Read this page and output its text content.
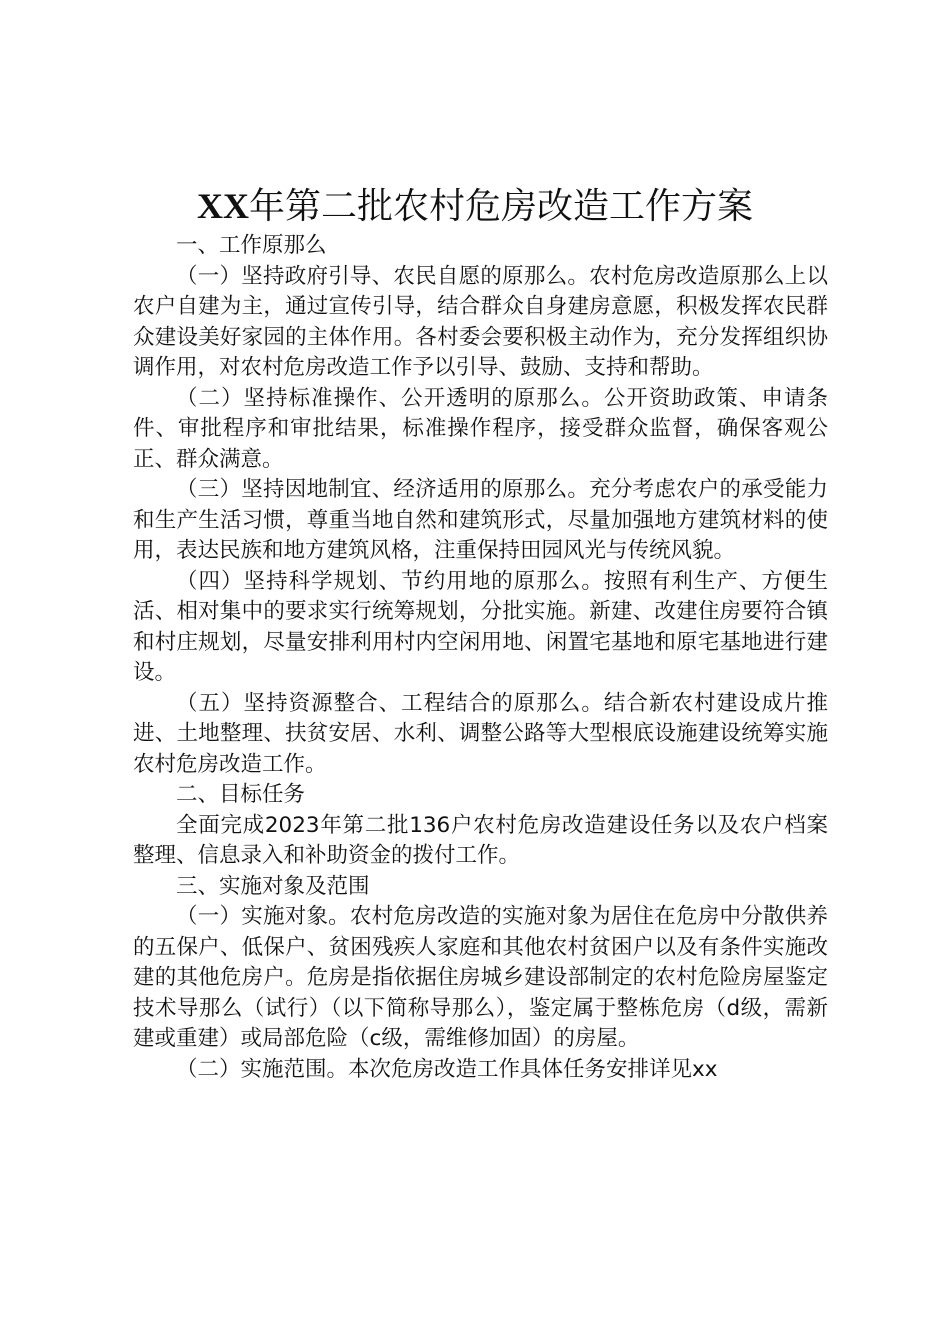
XX年第二批农村危房改造工作方案

一、工作原那么

（一）坚持政府引导、农民自愿的原那么。农村危房改造原那么上以农户自建为主，通过宣传引导，结合群众自身建房意愿，积极发挥农民群众建设美好家园的主体作用。各村委会要积极主动作为，充分发挥组织协调作用，对农村危房改造工作予以引导、鼓励、支持和帮助。

（二）坚持标准操作、公开透明的原那么。公开资助政策、申请条件、审批程序和审批结果，标准操作程序，接受群众监督，确保客观公正、群众满意。

（三）坚持因地制宜、经济适用的原那么。充分考虑农户的承受能力和生产生活习惯，尊重当地自然和建筑形式，尽量加强地方建筑材料的使用，表达民族和地方建筑风格，注重保持田园风光与传统风貌。

（四）坚持科学规划、节约用地的原那么。按照有利生产、方便生活、相对集中的要求实行统筹规划，分批实施。新建、改建住房要符合镇和村庄规划，尽量安排利用村内空闲用地、闲置宅基地和原宅基地进行建设。

（五）坚持资源整合、工程结合的原那么。结合新农村建设成片推进、土地整理、扶贫安居、水利、调整公路等大型根底设施建设统筹实施农村危房改造工作。

二、目标任务

全面完成2023年第二批136户农村危房改造建设任务以及农户档案整理、信息录入和补助资金的拨付工作。

三、实施对象及范围

（一）实施对象。农村危房改造的实施对象为居住在危房中分散供养的五保户、低保户、贫困残疾人家庭和其他农村贫困户以及有条件实施改建的其他危房户。危房是指依据住房城乡建设部制定的农村危险房屋鉴定技术导那么（试行）（以下简称导那么），鉴定属于整栋危房（d级，需新建或重建）或局部危险（c级，需维修加固）的房屋。

（二）实施范围。本次危房改造工作具体任务安排详见xx
